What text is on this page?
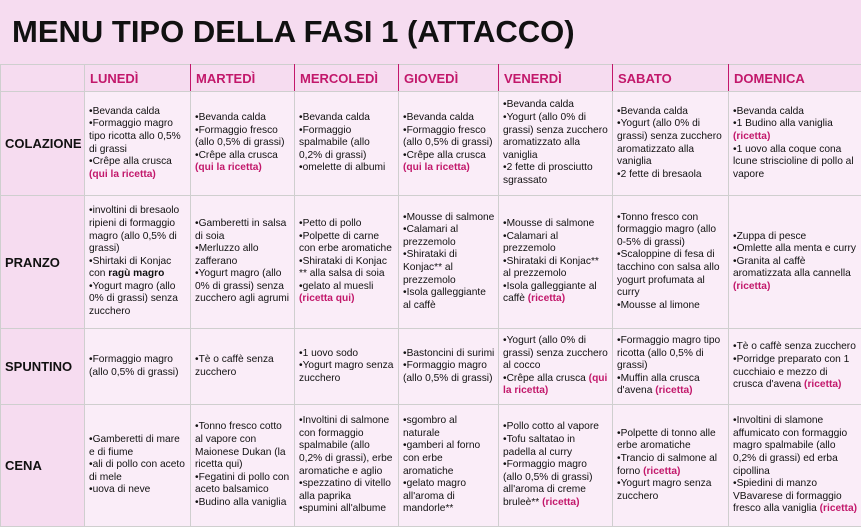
MENU TIPO DELLA FASI 1 (ATTACCO)
	LUNEDÌ	MARTEDÌ	MERCOLEDÌ	GIOVEDÌ	VENERDÌ	SABATO	DOMENICA
COLAZIONE	•Bevanda calda
•Formaggio magro tipo ricotta allo 0,5% di grassi
•Crêpe alla crusca
(qui la ricetta)	•Bevanda calda
•Formaggio fresco (allo 0,5% di grassi)
•Crêpe alla crusca
(qui la ricetta)	•Bevanda calda
•Formaggio spalmabile (allo 0,2% di grassi)
•omelette di albumi	•Bevanda calda
•Formaggio fresco (allo 0,5% di grassi)
•Crêpe alla crusca
(qui la ricetta)	•Bevanda calda
•Yogurt (allo 0% di grassi) senza zucchero aromatizzato alla vaniglia
•2 fette di prosciutto sgrassato	•Bevanda calda
•Yogurt (allo 0% di grassi) senza zucchero aromatizzato alla vaniglia
•2 fette di bresaola	•Bevanda calda
•1 Budino alla vaniglia (ricetta)
•1 uovo alla coque cona lcune striscioline di pollo al vapore

PRANZO	•involtini di bresaolo ripieni di formaggio magro (allo 0,5% di grassi)
•Shirtaki di Konjac con ragù magro
•Yogurt magro (allo 0% di grassi) senza zucchero	•Gamberetti in salsa di soia
•Merluzzo allo zafferano
•Yogurt magro (allo 0% di grassi) senza zucchero agli agrumi	•Petto di pollo
•Polpette di carne con erbe aromatiche
•Shirataki di Konjac ** alla salsa di soia
•gelato al muesli (ricetta qui)	•Mousse di salmone
•Calamari al prezzemolo
•Shirataki di Konjac** al prezzemolo
•Isola galleggiante al caffè	•Mousse di salmone
•Calamari al prezzemolo
•Shirataki di Konjac** al prezzemolo
•Isola galleggiante al caffè (ricetta)	•Tonno fresco con formaggio magro (allo 0-5% di grassi)
•Scaloppine di fesa di tacchino con salsa allo yogurt profumata al curry
•Mousse al limone	•Zuppa di pesce
•Omlette alla menta e curry
•Granita al caffè aromatizzata alla cannella (ricetta)

SPUNTINO	•Formaggio magro (allo 0,5% di grassi)	•Tè o caffè senza zucchero	•1 uovo sodo
•Yogurt magro senza zucchero	•Bastoncini di surimi
•Formaggio magro (allo 0,5% di grassi)	•Yogurt (allo 0% di grassi) senza zucchero al cocco
•Crêpe alla crusca (qui la ricetta)	•Formaggio magro tipo ricotta (allo 0,5% di grassi)
•Muffin alla crusca d'avena (ricetta)	•Tè o caffè senza zucchero
•Porridge preparato con 1 cucchiaio e mezzo di crusca d'avena (ricetta)

CENA	•Gamberetti di mare e di fiume
•ali di pollo con aceto di mele
•uova di neve	•Tonno fresco cotto al vapore con Maionese Dukan (la ricetta qui)
•Fegatini di pollo con aceto balsamico
•Budino alla vaniglia	•Involtini di salmone con formaggio spalmabile (allo 0,2% di grassi), erbe aromatiche e aglio
•spezzatino di vitello alla paprika
•spumini all'albume	•sgombro al naturale
•gamberi al forno con erbe aromatiche
•gelato magro all'aroma di mandorle**	•Pollo cotto al vapore
•Tofu saltatao in padella al curry
•Formaggio magro (allo 0,5% di grassi) all'aroma di creme bruleè** (ricetta)	•Polpette di tonno alle erbe aromatiche
•Trancio di salmone al forno (ricetta)
•Yogurt magro senza zucchero	•Involtini di slamone affumicato con formaggio magro spalmabile (allo 0,2% di grassi) ed erba cipollina
•Spiedini di manzo VBavarese di formaggio fresco alla vaniglia (ricetta)
